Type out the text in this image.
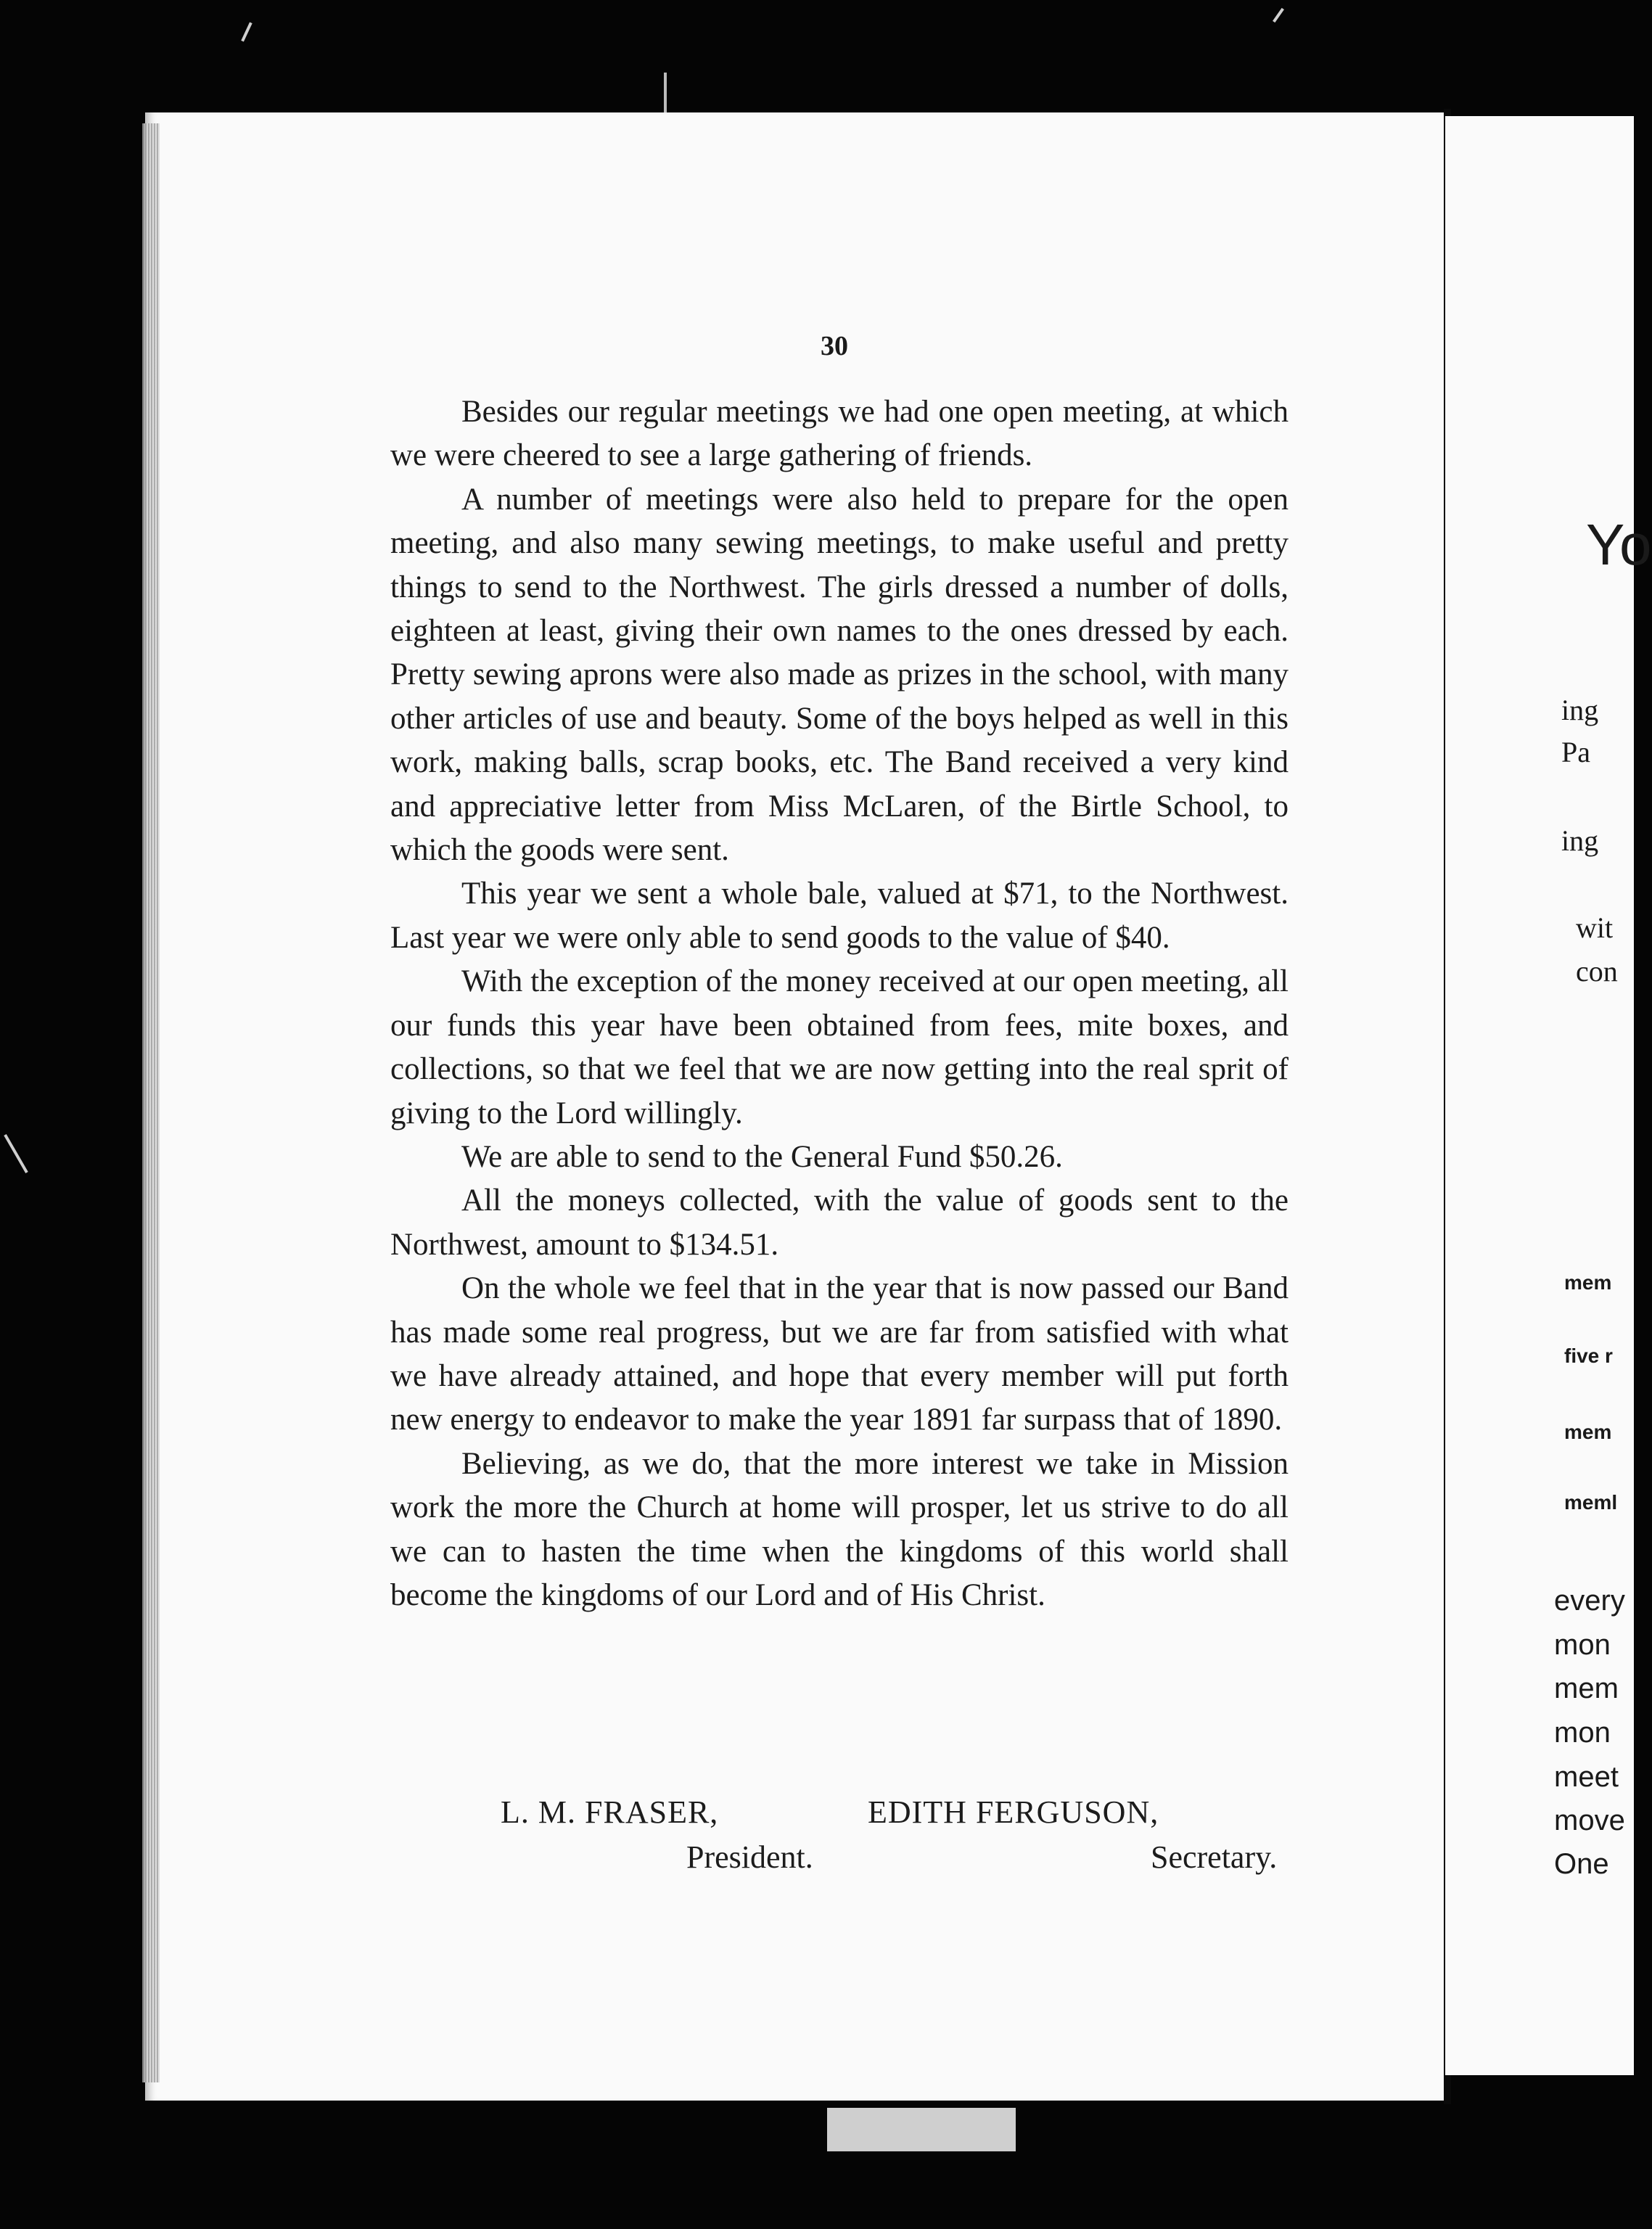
30

Besides our regular meetings we had one open meeting, at which we were cheered to see a large gathering of friends.

A number of meetings were also held to prepare for the open meeting, and also many sewing meetings, to make useful and pretty things to send to the Northwest. The girls dressed a number of dolls, eighteen at least, giving their own names to the ones dressed by each. Pretty sewing aprons were also made as prizes in the school, with many other articles of use and beauty. Some of the boys helped as well in this work, making balls, scrap books, etc. The Band received a very kind and appreciative letter from Miss McLaren, of the Birtle School, to which the goods were sent.

This year we sent a whole bale, valued at $71, to the Northwest. Last year we were only able to send goods to the value of $40.

With the exception of the money received at our open meeting, all our funds this year have been obtained from fees, mite boxes, and collections, so that we feel that we are now getting into the real sprit of giving to the Lord willingly.

We are able to send to the General Fund $50.26.

All the moneys collected, with the value of goods sent to the Northwest, amount to $134.51.

On the whole we feel that in the year that is now passed our Band has made some real progress, but we are far from satisfied with what we have already attained, and hope that every member will put forth new energy to endeavor to make the year 1891 far surpass that of 1890.

Believing, as we do, that the more interest we take in Mission work the more the Church at home will prosper, let us strive to do all we can to hasten the time when the kingdoms of this world shall become the kingdoms of our Lord and of His Christ.

L. M. FRASER,
President.
EDITH FERGUSON,
Secretary.
Yo
ing
Pa
ing
wit
con
mem
five r
mem
meml
every
mon
mem
mon
meet
move
One
